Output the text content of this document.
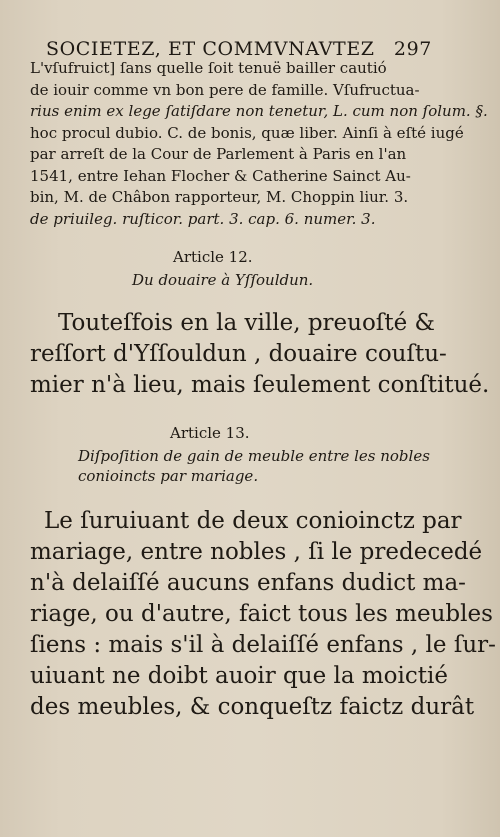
SOCIETEZ, ET COMMVNAVTEZ 297
L'vſufruict] ſans quelle ſoit tenuë bailler cautió
de iouir comme vn bon pere de famille. Vſufructua-
rius enim ex lege ſatiſdare non tenetur, L. cum non ſolum. §.
hoc procul dubio. C. de bonis, quæ liber. Ainſi à eſté iugé
par arreſt de la Cour de Parlement à Paris en l'an
1541, entre Iehan Flocher & Catherine Sainct Au-
bin, M. de Châbon rapporteur, M. Choppin liur. 3.
de priuileg. ruſticor. part. 3. cap. 6. numer. 3.
Article 12.
Du douaire à Yſſouldun.
Touteſfois en la ville, preuoſté &
reſſort d'Yſſouldun , douaire couſtu-
mier n'à lieu, mais ſeulement conſtitué.
Article 13.
Diſpoſition de gain de meuble entre les nobles
conioincts par mariage.
Le ſuruiuant de deux conioinctz par
mariage, entre nobles , ſi le predecedé
n'à delaiſſé aucuns enfans dudict ma-
riage, ou d'autre, faict tous les meubles
ſiens : mais s'il à delaiſſé enfans , le ſur-
uiuant ne doibt auoir que la moictié
des meubles, & conqueſtz faictz durât
